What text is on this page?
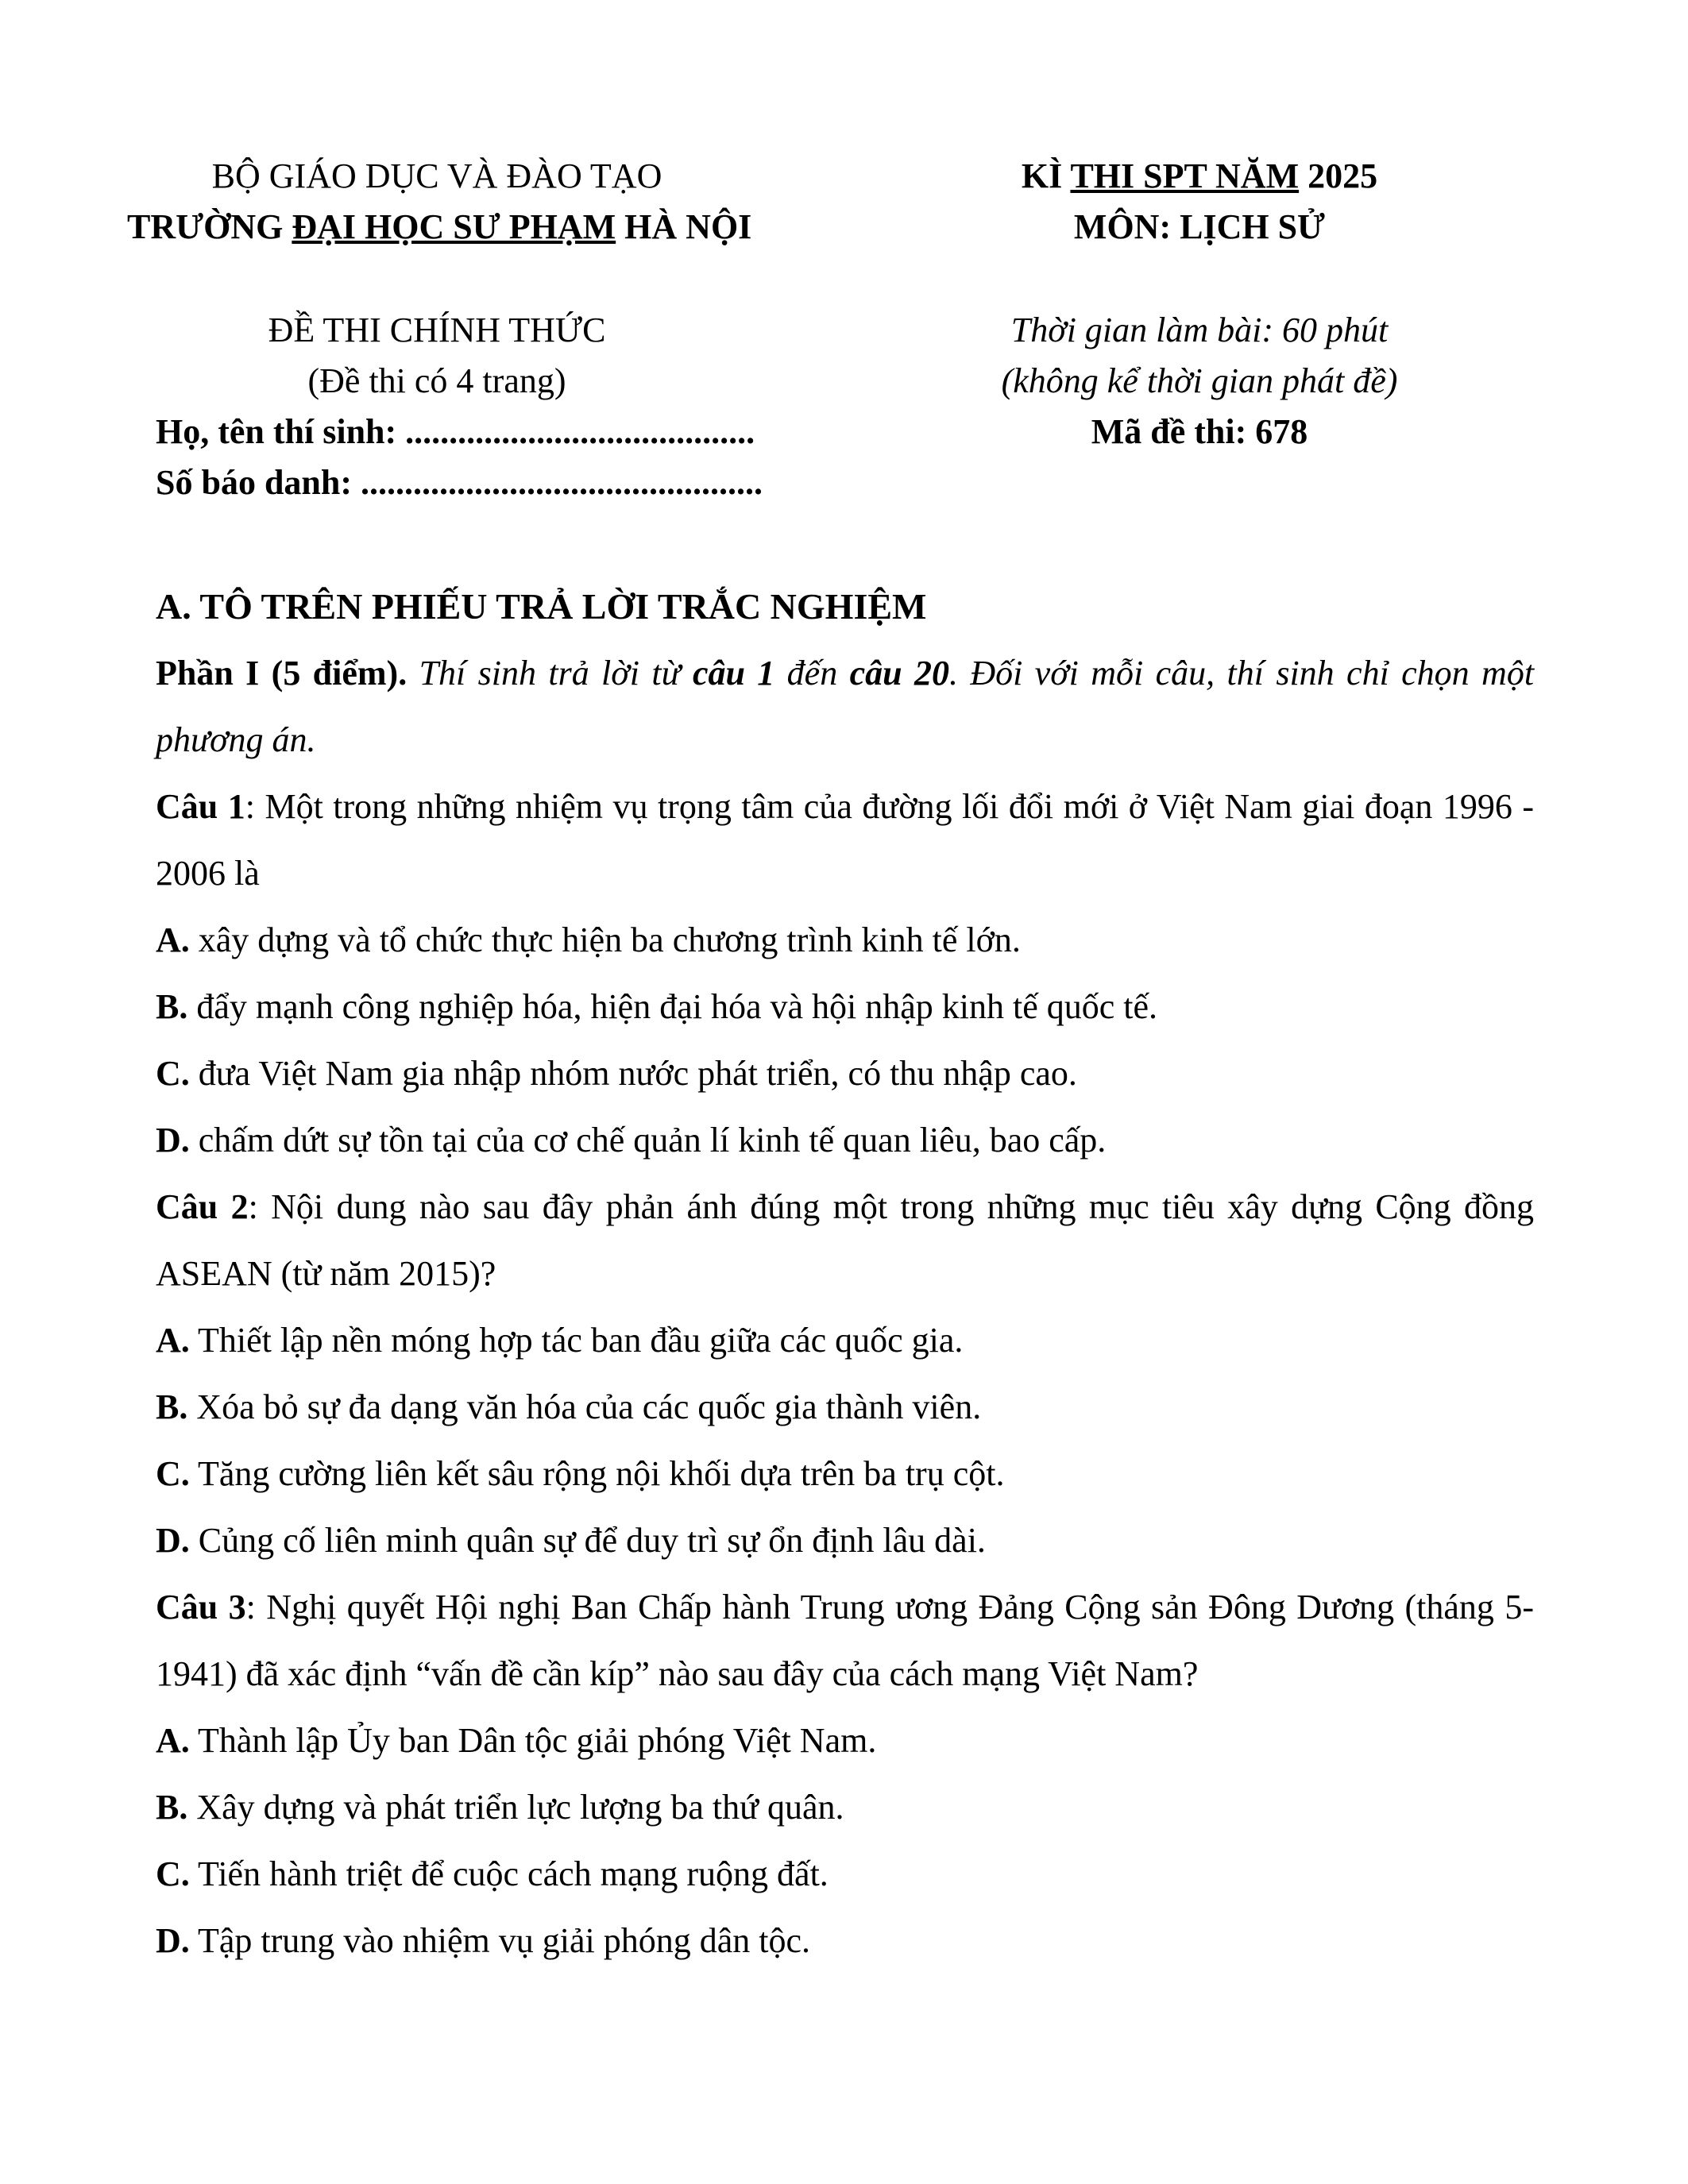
BỘ GIÁO DỤC VÀ ĐÀO TẠO
TRƯỜNG ĐẠI HỌC SƯ PHẠM HÀ NỘI
KÌ THI SPT NĂM 2025
MÔN: LỊCH SỬ
ĐỀ THI CHÍNH THỨC
(Đề thi có 4 trang)
Thời gian làm bài: 60 phút
(không kể thời gian phát đề)
Mã đề thi: 678
Họ, tên thí sinh: ........................................
Số báo danh: ..............................................

A. TÔ TRÊN PHIẾU TRẢ LỜI TRẮC NGHIỆM

Phần I (5 điểm). Thí sinh trả lời từ câu 1 đến câu 20. Đối với mỗi câu, thí sinh chỉ chọn một phương án.

Câu 1: Một trong những nhiệm vụ trọng tâm của đường lối đổi mới ở Việt Nam giai đoạn 1996 - 2006 là

A. xây dựng và tổ chức thực hiện ba chương trình kinh tế lớn.

B. đẩy mạnh công nghiệp hóa, hiện đại hóa và hội nhập kinh tế quốc tế.

C. đưa Việt Nam gia nhập nhóm nước phát triển, có thu nhập cao.

D. chấm dứt sự tồn tại của cơ chế quản lí kinh tế quan liêu, bao cấp.

Câu 2: Nội dung nào sau đây phản ánh đúng một trong những mục tiêu xây dựng Cộng đồng ASEAN (từ năm 2015)?

A. Thiết lập nền móng hợp tác ban đầu giữa các quốc gia.

B. Xóa bỏ sự đa dạng văn hóa của các quốc gia thành viên.

C. Tăng cường liên kết sâu rộng nội khối dựa trên ba trụ cột.

D. Củng cố liên minh quân sự để duy trì sự ổn định lâu dài.

Câu 3: Nghị quyết Hội nghị Ban Chấp hành Trung ương Đảng Cộng sản Đông Dương (tháng 5-1941) đã xác định “vấn đề cần kíp” nào sau đây của cách mạng Việt Nam?

A. Thành lập Ủy ban Dân tộc giải phóng Việt Nam.

B. Xây dựng và phát triển lực lượng ba thứ quân.

C. Tiến hành triệt để cuộc cách mạng ruộng đất.

D. Tập trung vào nhiệm vụ giải phóng dân tộc.
